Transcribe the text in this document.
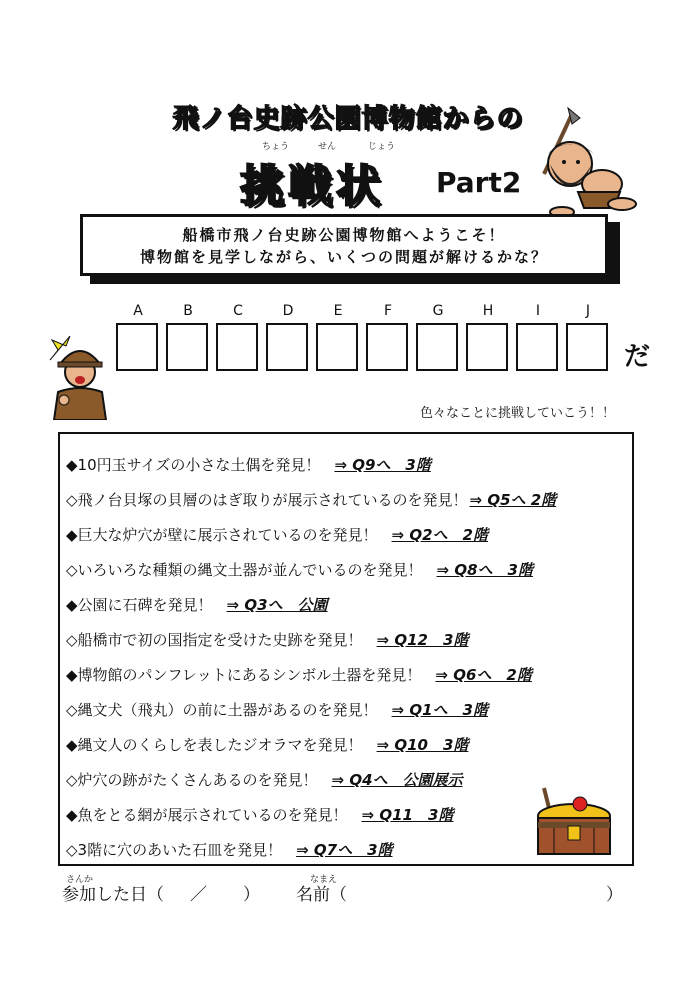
飛ノ台史跡公園博物館からの
ちょう	せん	じょう
挑戦状 Part2
船橋市飛ノ台史跡公園博物館へようこそ！
博物館を見学しながら、いくつの問題が解けるかな？
A	B	C	D	E	F	G	H	I	J
だ
色々なことに挑戦していこう！！
◆10円玉サイズの小さな土偶を発見！ ⇒ Q9へ　3階
◇飛ノ台貝塚の貝層のはぎ取りが展示されているのを発見！ ⇒ Q5へ 2階
◆巨大な炉穴が壁に展示されているのを発見！ ⇒ Q2へ　2階
◇いろいろな種類の縄文土器が並んでいるのを発見！ ⇒ Q8へ　3階
◆公園に石碑を発見！ ⇒ Q3へ　公園
◇船橋市で初の国指定を受けた史跡を発見！ ⇒ Q12　3階
◆博物館のパンフレットにあるシンボル土器を発見！ ⇒ Q6へ　2階
◇縄文犬（飛丸）の前に土器があるのを発見！ ⇒ Q1へ　3階
◆縄文人のくらしを表したジオラマを発見！ ⇒ Q10　3階
◇炉穴の跡がたくさんあるのを発見！ ⇒ Q4へ　公園展示
◆魚をとる網が展示されているのを発見！ ⇒ Q11　3階
◇3階に穴のあいた石皿を発見！ ⇒ Q7へ　3階
さんか	なまえ
参加した日（ ／ ） 名前（	）
